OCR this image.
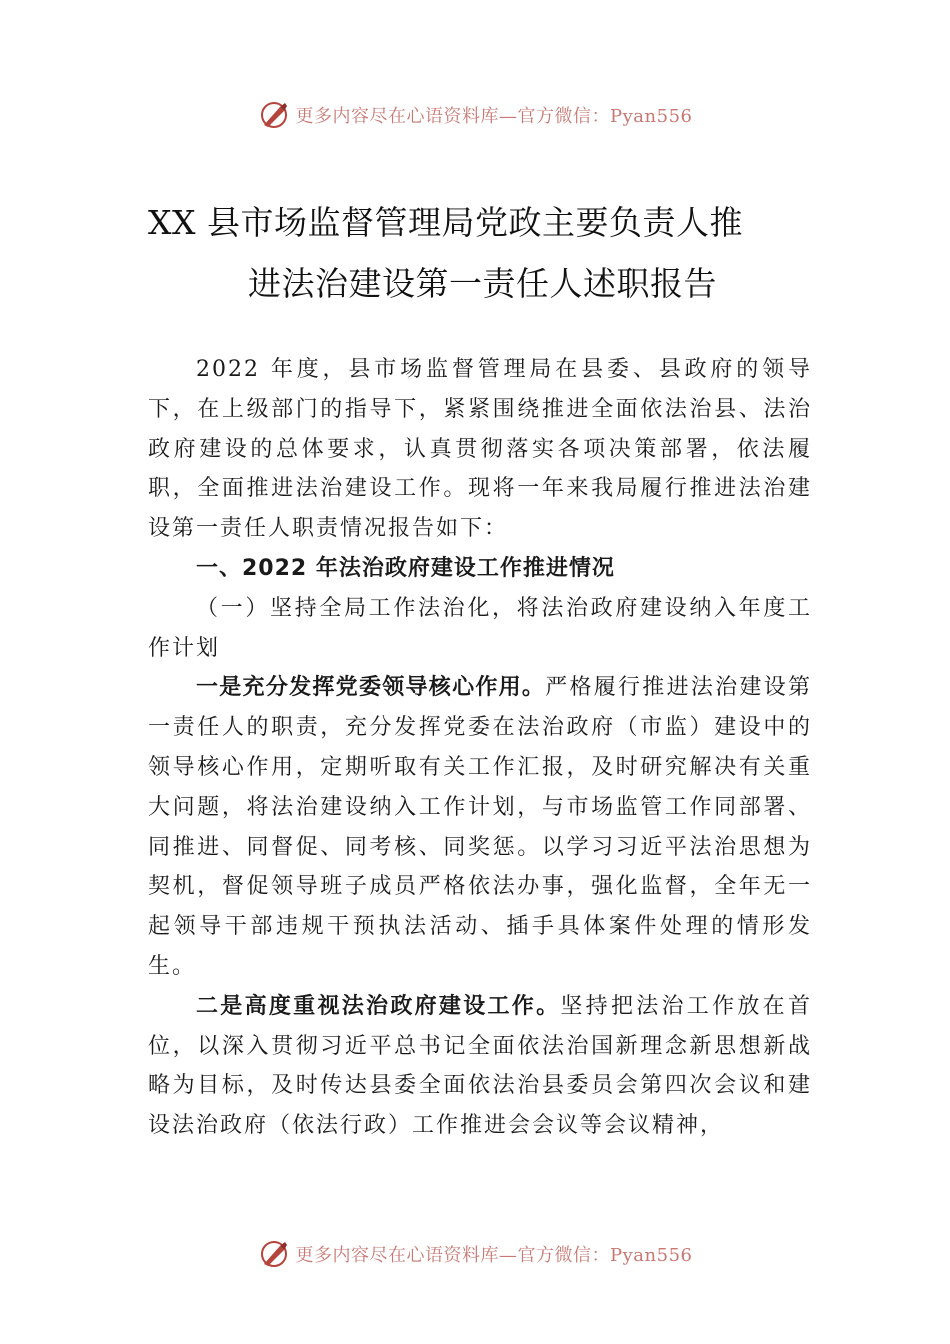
更多内容尽在心语资料库—官方微信：Pyan556
XX 县市场监督管理局党政主要负责人推
进法治建设第一责任人述职报告

2022 年度，县市场监督管理局在县委、县政府的领导下，在上级部门的指导下，紧紧围绕推进全面依法治县、法治政府建设的总体要求，认真贯彻落实各项决策部署，依法履职，全面推进法治建设工作。现将一年来我局履行推进法治建设第一责任人职责情况报告如下：

一、2022 年法治政府建设工作推进情况

（一）坚持全局工作法治化，将法治政府建设纳入年度工作计划

一是充分发挥党委领导核心作用。严格履行推进法治建设第一责任人的职责，充分发挥党委在法治政府（市监）建设中的领导核心作用，定期听取有关工作汇报，及时研究解决有关重大问题，将法治建设纳入工作计划，与市场监管工作同部署、同推进、同督促、同考核、同奖惩。以学习习近平法治思想为契机，督促领导班子成员严格依法办事，强化监督，全年无一起领导干部违规干预执法活动、插手具体案件处理的情形发生。

二是高度重视法治政府建设工作。坚持把法治工作放在首位，以深入贯彻习近平总书记全面依法治国新理念新思想新战略为目标，及时传达县委全面依法治县委员会第四次会议和建设法治政府（依法行政）工作推进会会议等会议精神，

更多内容尽在心语资料库—官方微信：Pyan556
